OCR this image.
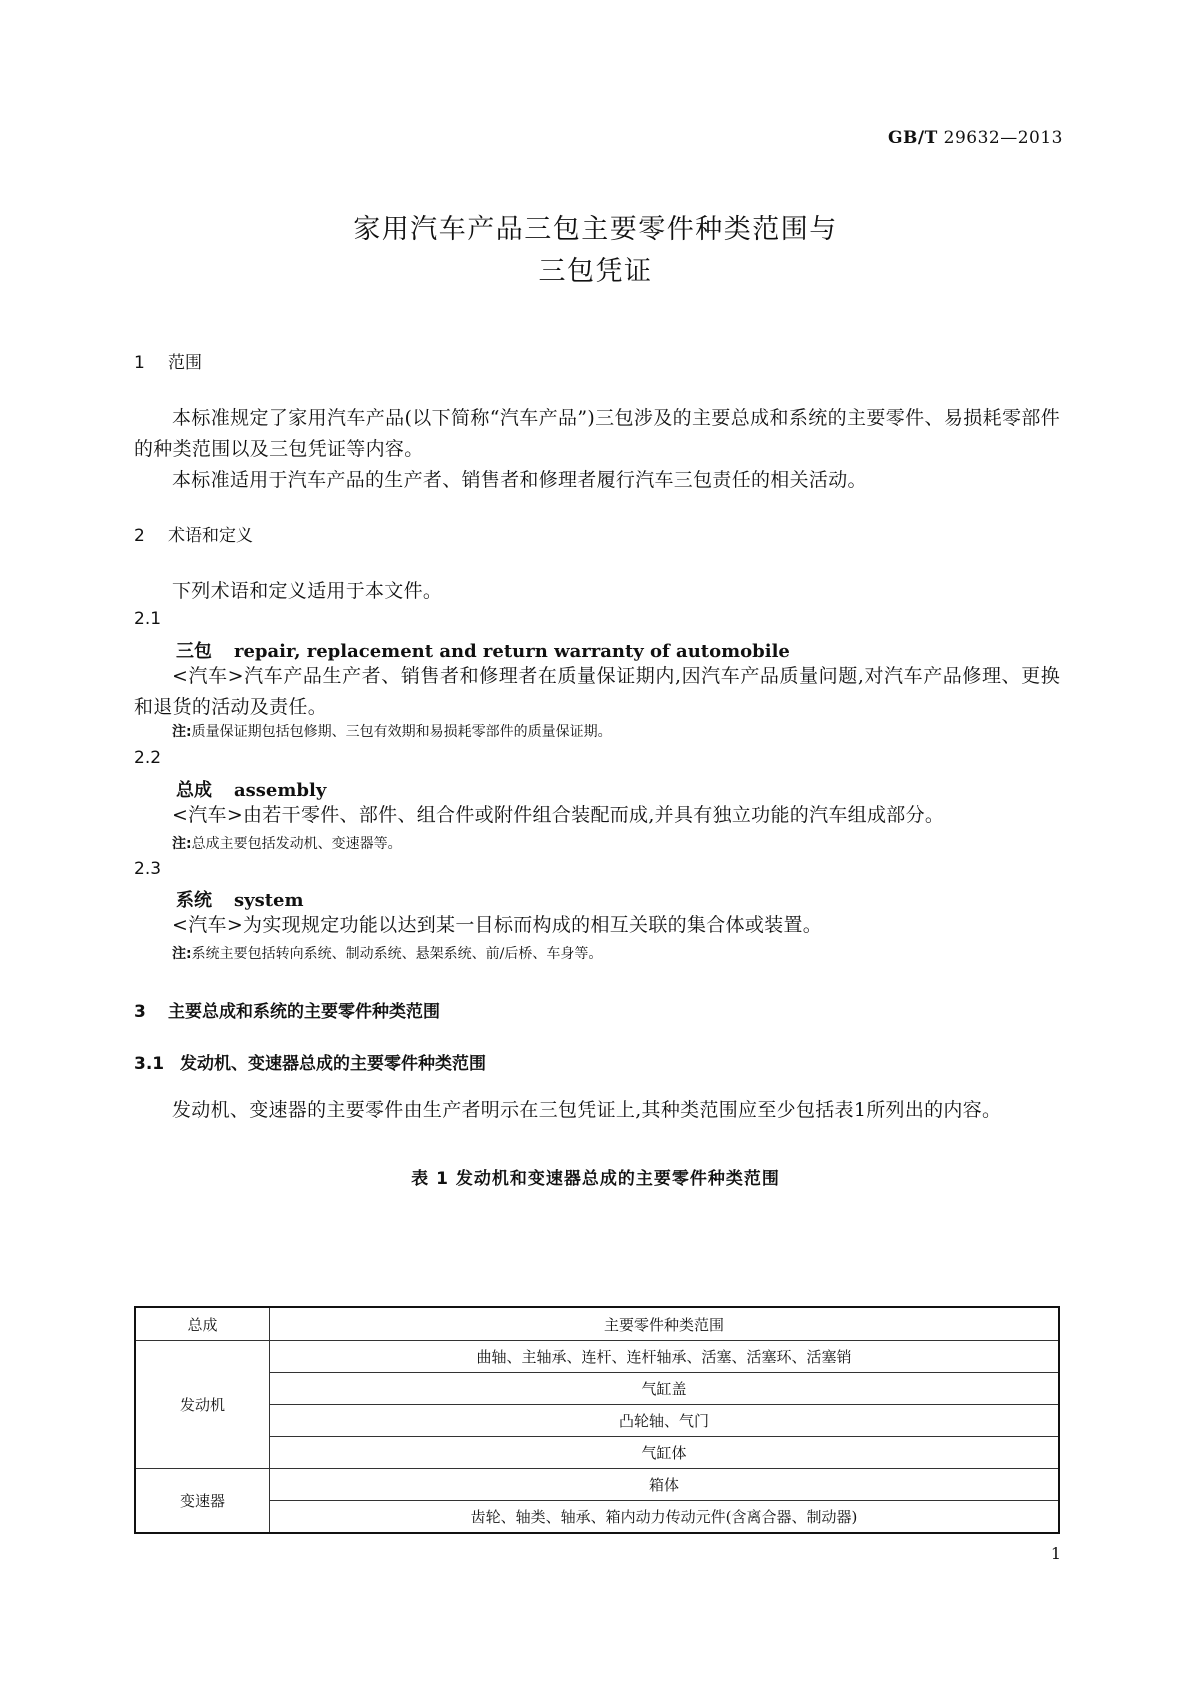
GB/T 29632—2013
家用汽车产品三包主要零件种类范围与
三包凭证
1 范围
本标准规定了家用汽车产品(以下简称“汽车产品”)三包涉及的主要总成和系统的主要零件、易损耗零部件的种类范围以及三包凭证等内容。
本标准适用于汽车产品的生产者、销售者和修理者履行汽车三包责任的相关活动。
2 术语和定义
下列术语和定义适用于本文件。
2.1
三包 repair, replacement and return warranty of automobile
<汽车>汽车产品生产者、销售者和修理者在质量保证期内,因汽车产品质量问题,对汽车产品修理、更换和退货的活动及责任。
注:质量保证期包括包修期、三包有效期和易损耗零部件的质量保证期。
2.2
总成 assembly
<汽车>由若干零件、部件、组合件或附件组合装配而成,并具有独立功能的汽车组成部分。
注:总成主要包括发动机、变速器等。
2.3
系统 system
<汽车>为实现规定功能以达到某一目标而构成的相互关联的集合体或装置。
注:系统主要包括转向系统、制动系统、悬架系统、前/后桥、车身等。
3 主要总成和系统的主要零件种类范围
3.1 发动机、变速器总成的主要零件种类范围
发动机、变速器的主要零件由生产者明示在三包凭证上,其种类范围应至少包括表1所列出的内容。
表 1 发动机和变速器总成的主要零件种类范围
总成	主要零件种类范围
发动机	曲轴、主轴承、连杆、连杆轴承、活塞、活塞环、活塞销
	气缸盖
	凸轮轴、气门
	气缸体
变速器	箱体
	齿轮、轴类、轴承、箱内动力传动元件(含离合器、制动器)
1
